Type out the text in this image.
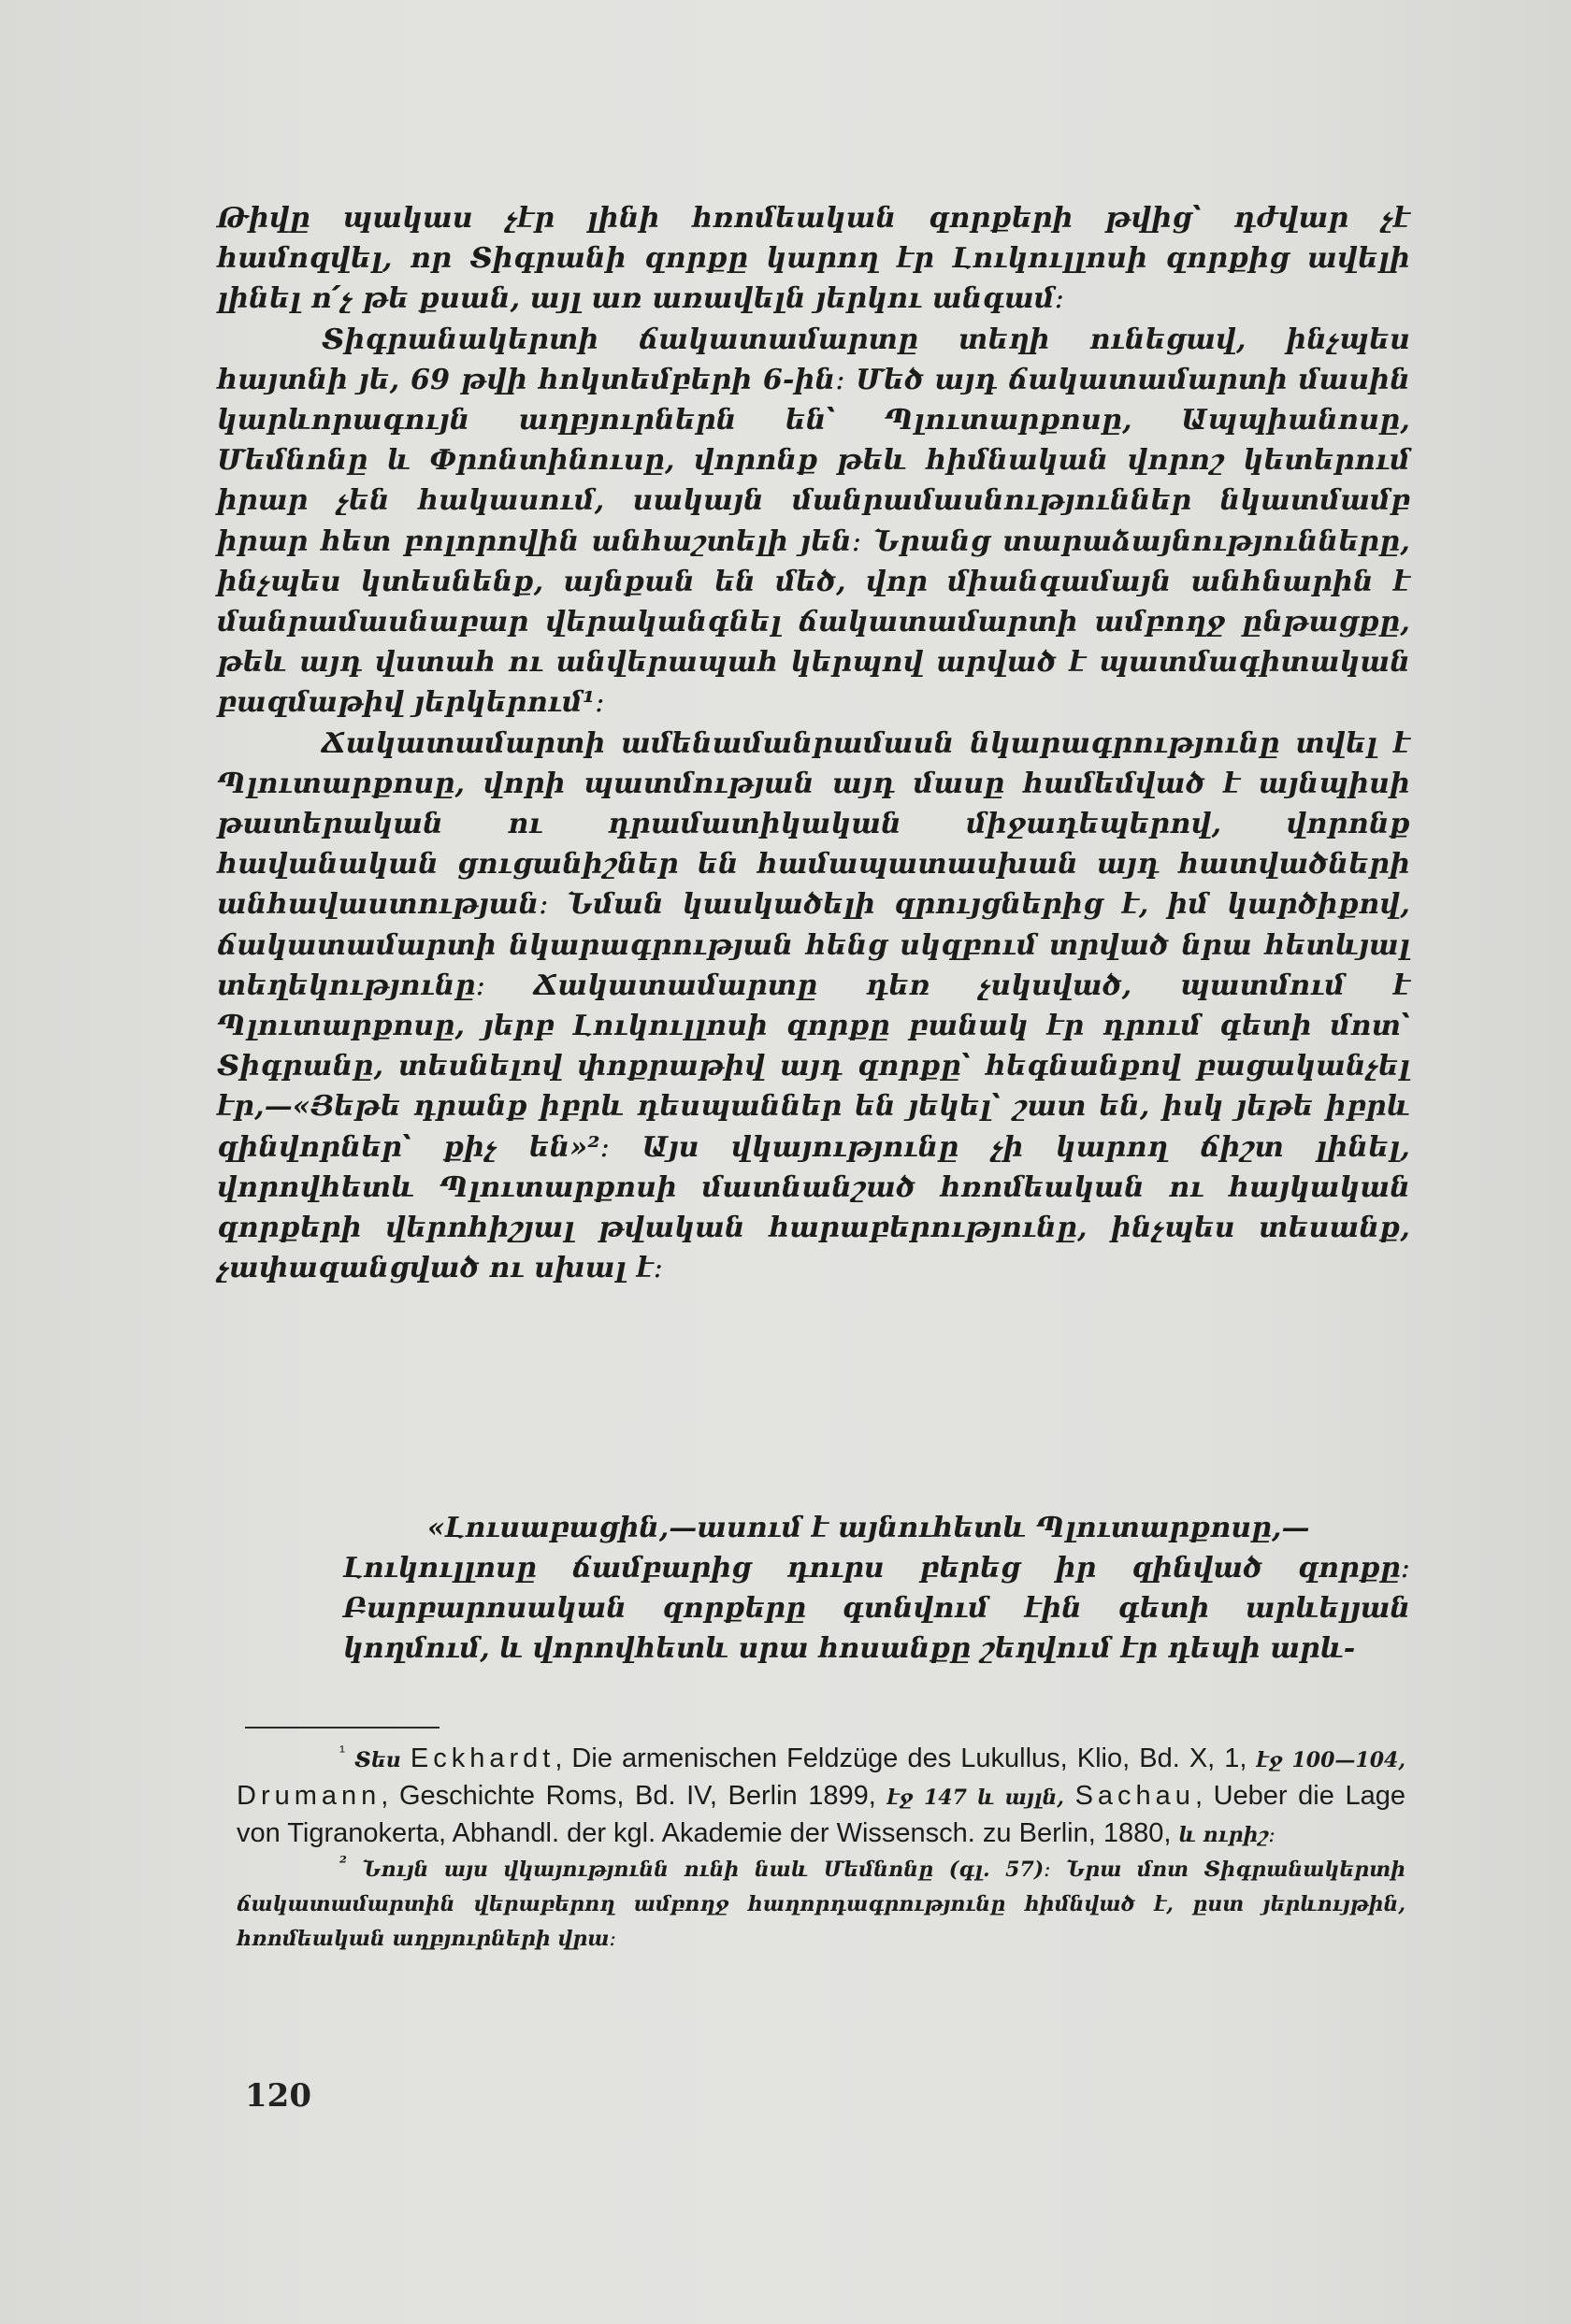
Թիվը պակաս չէր լինի հռոմեական զորքերի թվից՝ դժվար չէ համոզվել, որ Տիգրանի զորքը կարող էր Լուկուլլոսի զորքից ավելի լինել ո՛չ թե քսան, այլ առ առավելն յերկու անգամ։

Տիգրանակերտի ճակատամարտը տեղի ունեցավ, ինչպես հայտնի յե, 69 թվի հոկտեմբերի 6-ին։ Մեծ այդ ճակատամարտի մասին կարևորագույն աղբյուրներն են՝ Պլուտարքոսը, Ապպիանոսը, Մեմնոնը և Փրոնտինուսը, վորոնք թեև հիմնական վորոշ կետերում իրար չեն հակասում, սակայն մանրամասնություններ նկատմամբ իրար հետ բոլորովին անհաշտելի յեն։ Նրանց տարաձայնությունները, ինչպես կտեսնենք, այնքան են մեծ, վոր միանգամայն անհնարին է մանրամասնաբար վերականգնել ճակատամարտի ամբողջ ընթացքը, թեև այդ վստահ ու անվերապահ կերպով արված է պատմագիտական բազմաթիվ յերկերում¹։

Ճակատամարտի ամենամանրամասն նկարագրությունը տվել է Պլուտարքոսը, վորի պատմության այդ մասը համեմված է այնպիսի թատերական ու դրամատիկական միջադեպերով, վորոնք հավանական ցուցանիշներ են համապատասխան այդ հատվածների անհավաստության։ Նման կասկածելի զրույցներից է, իմ կարծիքով, ճակատամարտի նկարագրության հենց սկզբում տրված նրա հետևյալ տեղեկությունը։ Ճակատամարտը դեռ չսկսված, պատմում է Պլուտարքոսը, յերբ Լուկուլլոսի զորքը բանակ էր դրում գետի մոտ՝ Տիգրանը, տեսնելով փոքրաթիվ այդ զորքը՝ հեգնանքով բացականչել էր,—«Յեթե դրանք իբրև դեսպաններ են յեկել՝ շատ են, իսկ յեթե իբրև զինվորներ՝ քիչ են»²։ Այս վկայությունը չի կարող ճիշտ լինել, վորովհետև Պլուտարքոսի մատնանշած հռոմեական ու հայկական զորքերի վերոհիշյալ թվական հարաբերությունը, ինչպես տեսանք, չափազանցված ու սխալ է։

«Լուսաբացին,—ասում է այնուհետև Պլուտարքոսը,—
Լուկուլլոսը ճամբարից դուրս բերեց իր զինված զորքը։ Բարբարոսական զորքերը գտնվում էին գետի արևելյան կողմում, և վորովհետև սրա հոսանքը շեղվում էր դեպի արև-

$^{^1}$ Տես Eckhardt, Die armenischen Feldzüge des Lukullus, Klio, Bd. X, 1, էջ 100—104, Drumann, Geschichte Roms, Bd. IV, Berlin 1899, էջ 147 և այլն, Sachau, Ueber die Lage von Tigranokerta, Abhandl. der kgl. Akademie der Wissensch. zu Berlin, 1880, և ուրիշ։

$^{^2}$ Նույն այս վկայությունն ունի նաև Մեմնոնը (գլ. 57)։ Նրա մոտ Տիգրանակերտի ճակատամարտին վերաբերող ամբողջ հաղորդագրությունը հիմնված է, ըստ յերևույթին, հռոմեական աղբյուրների վրա։

120
